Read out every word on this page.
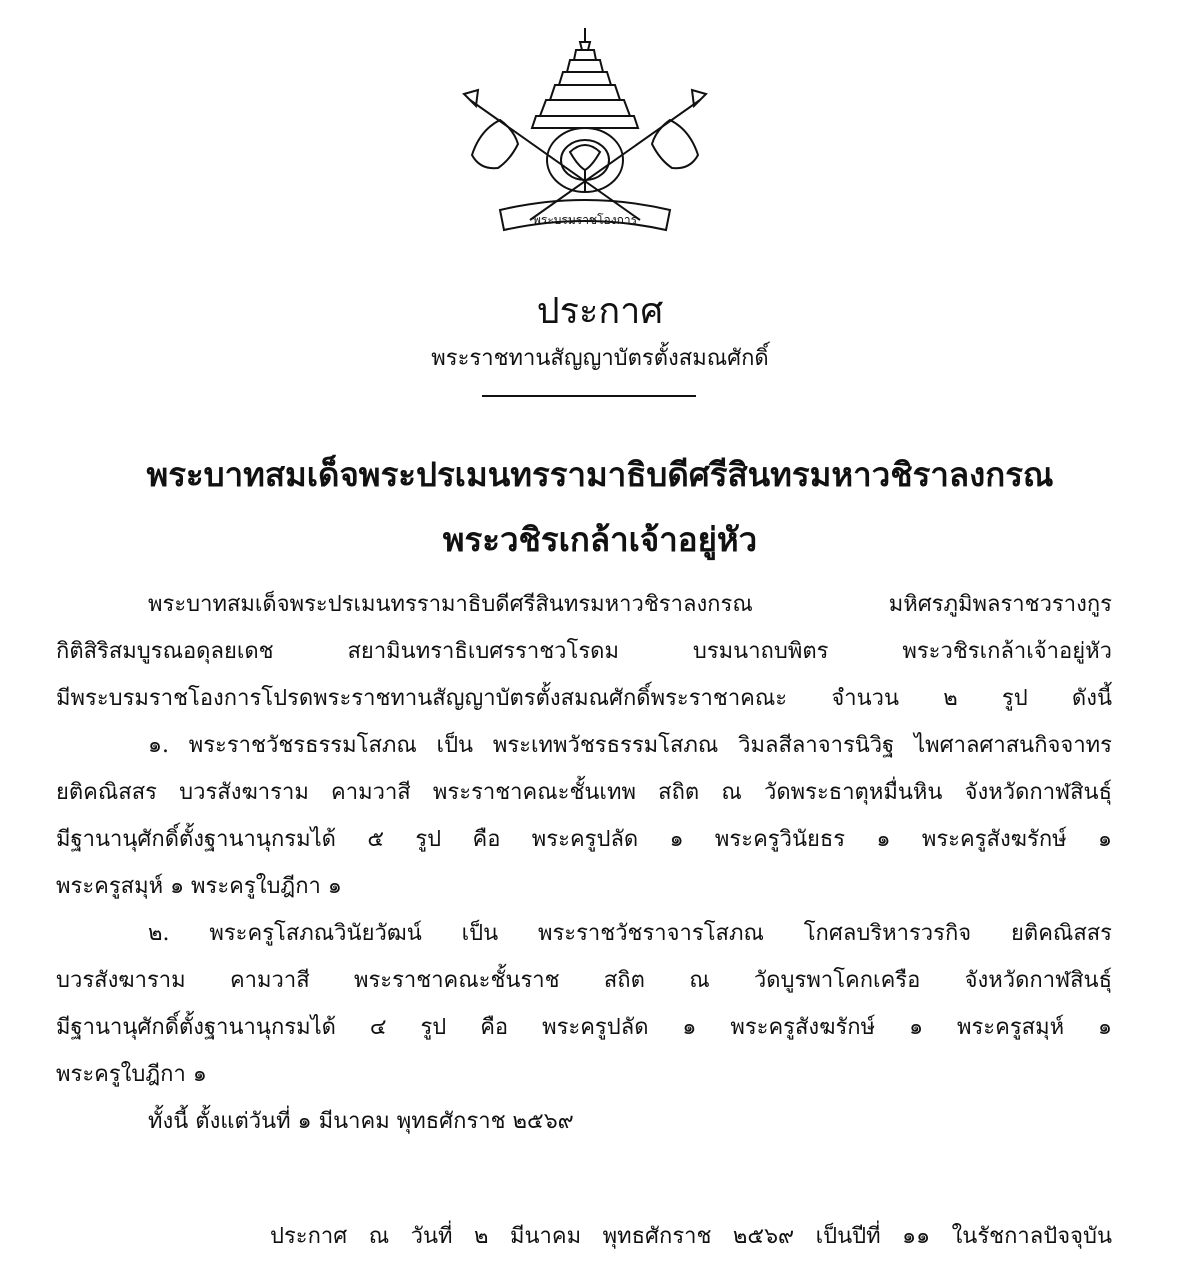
พระบรมราชโองการ
ประกาศ
พระราชทานสัญญาบัตรตั้งสมณศักดิ์
พระบาทสมเด็จพระปรเมนทรรามาธิบดีศรีสินทรมหาวชิราลงกรณ
พระวชิรเกล้าเจ้าอยู่หัว
พระบาทสมเด็จพระปรเมนทรรามาธิบดีศรีสินทรมหาวชิราลงกรณ มหิศรภูมิพลราชวรางกูร
กิติสิริสมบูรณอดุลยเดช สยามินทราธิเบศรราชวโรดม บรมนาถบพิตร พระวชิรเกล้าเจ้าอยู่หัว
มีพระบรมราชโองการโปรดพระราชทานสัญญาบัตรตั้งสมณศักดิ์พระราชาคณะ จำนวน ๒ รูป ดังนี้
๑. พระราชวัชรธรรมโสภณ เป็น พระเทพวัชรธรรมโสภณ วิมลสีลาจารนิวิฐ ไพศาลศาสนกิจจาทร
ยติคณิสสร บวรสังฆาราม คามวาสี พระราชาคณะชั้นเทพ สถิต ณ วัดพระธาตุหมื่นหิน จังหวัดกาฬสินธุ์
มีฐานานุศักดิ์ตั้งฐานานุกรมได้ ๕ รูป คือ พระครูปลัด ๑ พระครูวินัยธร ๑ พระครูสังฆรักษ์ ๑
พระครูสมุห์ ๑ พระครูใบฎีกา ๑
๒. พระครูโสภณวินัยวัฒน์ เป็น พระราชวัชราจารโสภณ โกศลบริหารวรกิจ ยติคณิสสร
บวรสังฆาราม คามวาสี พระราชาคณะชั้นราช สถิต ณ วัดบูรพาโคกเครือ จังหวัดกาฬสินธุ์
มีฐานานุศักดิ์ตั้งฐานานุกรมได้ ๔ รูป คือ พระครูปลัด ๑ พระครูสังฆรักษ์ ๑ พระครูสมุห์ ๑
พระครูใบฎีกา ๑
ทั้งนี้ ตั้งแต่วันที่ ๑ มีนาคม พุทธศักราช ๒๕๖๙
ประกาศ ณ วันที่ ๒ มีนาคม พุทธศักราช ๒๕๖๙ เป็นปีที่ ๑๑ ในรัชกาลปัจจุบัน
